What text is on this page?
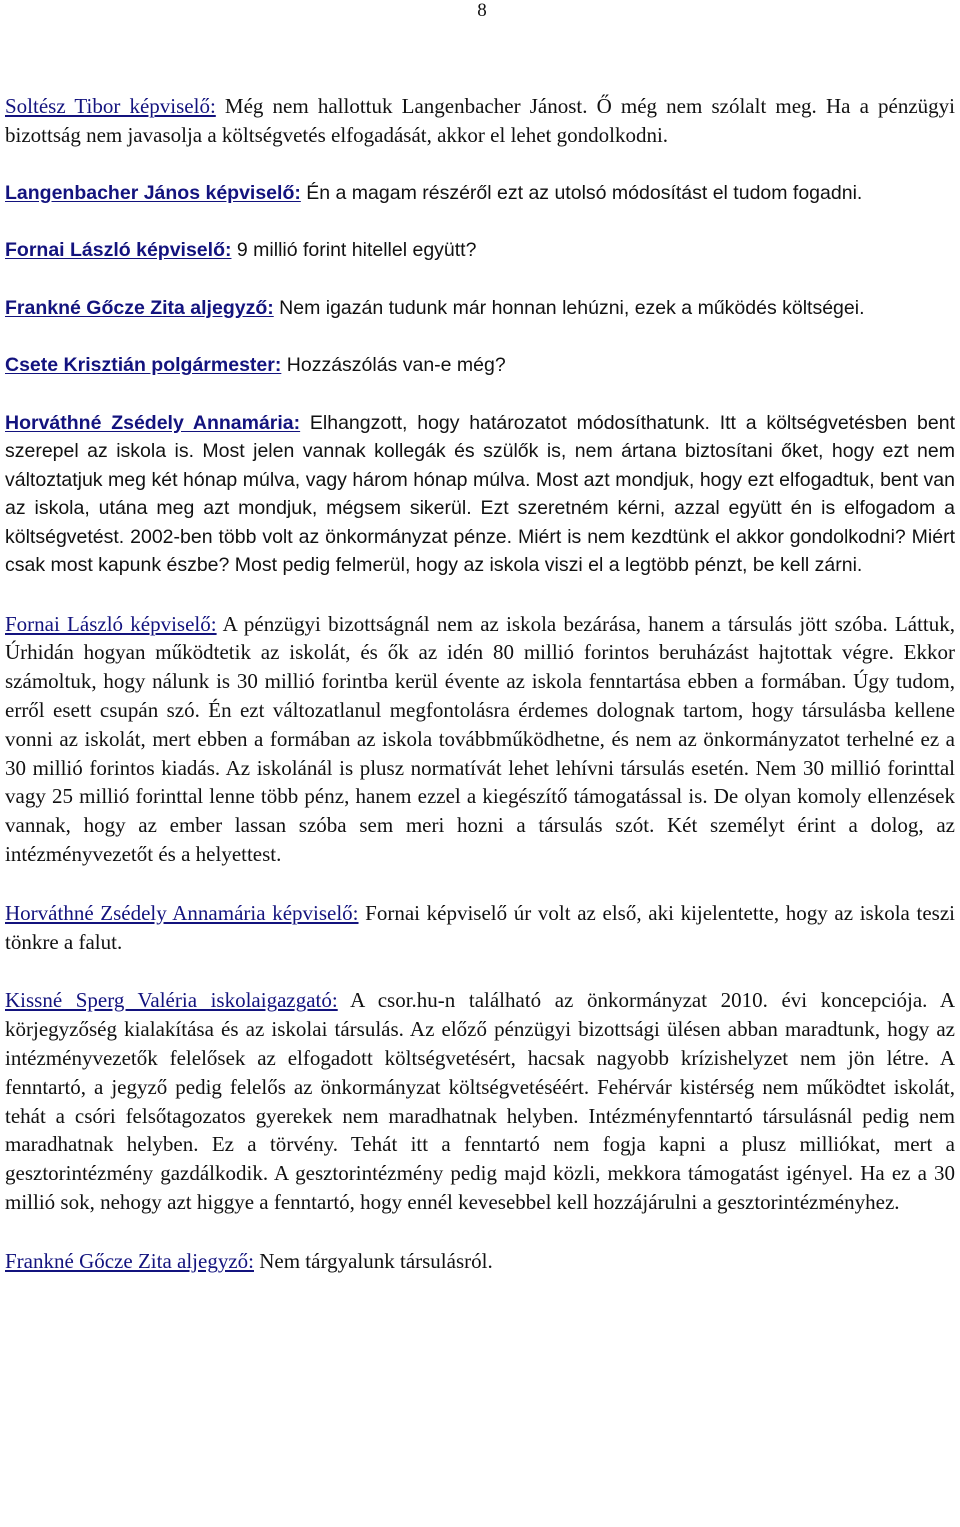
8

Soltész Tibor képviselő: Még nem hallottuk Langenbacher Jánost. Ő még nem szólalt meg. Ha a pénzügyi bizottság nem javasolja a költségvetés elfogadását, akkor el lehet gondolkodni.

Langenbacher János képviselő: Én a magam részéről ezt az utolsó módosítást el tudom fogadni.

Fornai László képviselő: 9 millió forint hitellel együtt?

Frankné Gőcze Zita aljegyző: Nem igazán tudunk már honnan lehúzni, ezek a működés költségei.

Csete Krisztián polgármester: Hozzászólás van-e még?

Horváthné Zsédely Annamária: Elhangzott, hogy határozatot módosíthatunk. Itt a költségvetésben bent szerepel az iskola is. Most jelen vannak kollegák és szülők is, nem ártana biztosítani őket, hogy ezt nem változtatjuk meg két hónap múlva, vagy három hónap múlva. Most azt mondjuk, hogy ezt elfogadtuk, bent van az iskola, utána meg azt mondjuk, mégsem sikerül. Ezt szeretném kérni, azzal együtt én is elfogadom a költségvetést. 2002-ben több volt az önkormányzat pénze. Miért is nem kezdtünk el akkor gondolkodni? Miért csak most kapunk észbe? Most pedig felmerül, hogy az iskola viszi el a legtöbb pénzt, be kell zárni.

Fornai László képviselő: A pénzügyi bizottságnál nem az iskola bezárása, hanem a társulás jött szóba. Láttuk, Úrhidán hogyan működtetik az iskolát, és ők az idén 80 millió forintos beruházást hajtottak végre. Ekkor számoltuk, hogy nálunk is 30 millió forintba kerül évente az iskola fenntartása ebben a formában. Úgy tudom, erről esett csupán szó. Én ezt változatlanul megfontolásra érdemes dolognak tartom, hogy társulásba kellene vonni az iskolát, mert ebben a formában az iskola továbbműködhetne, és nem az önkormányzatot terhelné ez a 30 millió forintos kiadás. Az iskolánál is plusz normatívát lehet lehívni társulás esetén. Nem 30 millió forinttal vagy 25 millió forinttal lenne több pénz, hanem ezzel a kiegészítő támogatással is. De olyan komoly ellenzések vannak, hogy az ember lassan szóba sem meri hozni a társulás szót. Két személyt érint a dolog, az intézményvezetőt és a helyettest.

Horváthné Zsédely Annamária képviselő: Fornai képviselő úr volt az első, aki kijelentette, hogy az iskola teszi tönkre a falut.

Kissné Sperg Valéria iskolaigazgató: A csor.hu-n található az önkormányzat 2010. évi koncepciója. A körjegyzőség kialakítása és az iskolai társulás. Az előző pénzügyi bizottsági ülésen abban maradtunk, hogy az intézményvezetők felelősek az elfogadott költségvetésért, hacsak nagyobb krízishelyzet nem jön létre. A fenntartó, a jegyző pedig felelős az önkormányzat költségvetéséért. Fehérvár kistérség nem működtet iskolát, tehát a csóri felsőtagozatos gyerekek nem maradhatnak helyben. Intézményfenntartó társulásnál pedig nem maradhatnak helyben. Ez a törvény. Tehát itt a fenntartó nem fogja kapni a plusz milliókat, mert a gesztorintézmény gazdálkodik. A gesztorintézmény pedig majd közli, mekkora támogatást igényel. Ha ez a 30 millió sok, nehogy azt higgye a fenntartó, hogy ennél kevesebbel kell hozzájárulni a gesztorintézményhez.

Frankné Gőcze Zita aljegyző: Nem tárgyalunk társulásról.
